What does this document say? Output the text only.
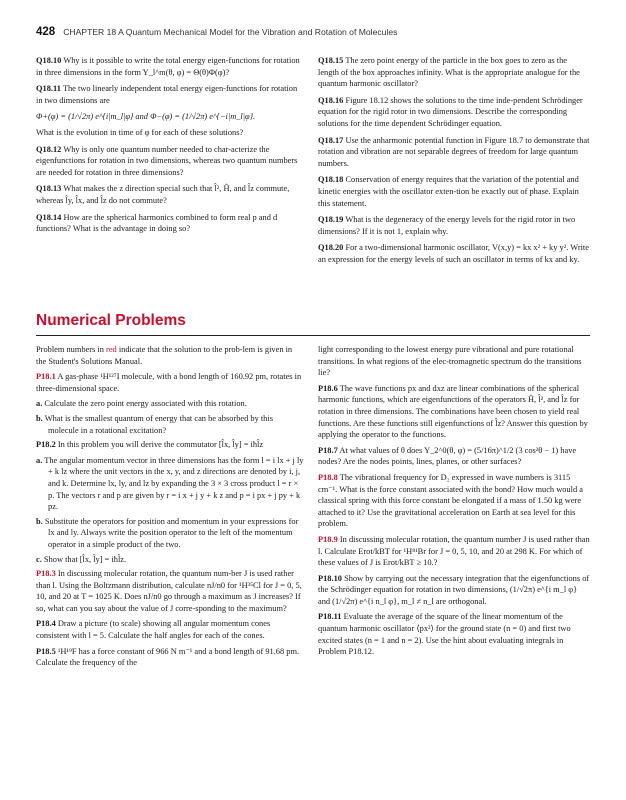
428 CHAPTER 18 A Quantum Mechanical Model for the Vibration and Rotation of Molecules

Q18.10 Why is it possible to write the total energy eigen-functions for rotation in three dimensions in the form Y_l^m(θ, φ) = Θ(θ)Φ(φ)?

Q18.11 The two linearly independent total energy eigen-functions for rotation in two dimensions are

Φ+(φ) = (1/√2π) e^{i|m_l|φ} and Φ−(φ) = (1/√2π) e^{−i|m_l|φ}.

What is the evolution in time of φ for each of these solutions?

Q18.12 Why is only one quantum number needed to char-acterize the eigenfunctions for rotation in two dimensions, whereas two quantum numbers are needed for rotation in three dimensions?

Q18.13 What makes the z direction special such that l̂², Ĥ, and l̂z commute, whereas l̂y, l̂x, and l̂z do not commute?

Q18.14 How are the spherical harmonics combined to form real p and d functions? What is the advantage in doing so?

Q18.15 The zero point energy of the particle in the box goes to zero as the length of the box approaches infinity. What is the appropriate analogue for the quantum harmonic oscillator?

Q18.16 Figure 18.12 shows the solutions to the time inde-pendent Schrödinger equation for the rigid rotor in two dimensions. Describe the corresponding solutions for the time dependent Schrödinger equation.

Q18.17 Use the anharmonic potential function in Figure 18.7 to demonstrate that rotation and vibration are not separable degrees of freedom for large quantum numbers.

Q18.18 Conservation of energy requires that the variation of the potential and kinetic energies with the oscillator exten-tion be exactly out of phase. Explain this statement.

Q18.19 What is the degeneracy of the energy levels for the rigid rotor in two dimensions? If it is not 1, explain why.

Q18.20 For a two-dimensional harmonic oscillator, V(x,y) = kx x² + ky y². Write an expression for the energy levels of such an oscillator in terms of kx and ky.

Numerical Problems

Problem numbers in red indicate that the solution to the prob-lem is given in the Student's Solutions Manual.

P18.1 A gas-phase ¹H¹²⁷I molecule, with a bond length of 160.92 pm, rotates in three-dimensional space.

a. Calculate the zero point energy associated with this rotation.

b. What is the smallest quantum of energy that can be absorbed by this molecule in a rotational excitation?

P18.2 In this problem you will derive the commutator [l̂x, l̂y] = iħl̂z

a. The angular momentum vector in three dimensions has the form l = i lx + j ly + k lz where the unit vectors in the x, y, and z directions are denoted by i, j, and k. Determine lx, ly, and lz by expanding the 3 × 3 cross product l = r × p. The vectors r and p are given by r = i x + j y + k z and p = i px + j py + k pz.

b. Substitute the operators for position and momentum in your expressions for lx and ly. Always write the position operator to the left of the momentum operator in a simple product of the two.

c. Show that [l̂x, l̂y] = iħl̂z.

P18.3 In discussing molecular rotation, the quantum num-ber J is used rather than l. Using the Boltzmann distribution, calculate nJ/n0 for ¹H³⁵Cl for J = 0, 5, 10, and 20 at T = 1025 K. Does nJ/n0 go through a maximum as J increases? If so, what can you say about the value of J corre-sponding to the maximum?

P18.4 Draw a picture (to scale) showing all angular momentum cones consistent with l = 5. Calculate the half angles for each of the cones.

P18.5 ¹H¹⁹F has a force constant of 966 N m⁻¹ and a bond length of 91.68 pm. Calculate the frequency of the

light corresponding to the lowest energy pure vibrational and pure rotational transitions. In what regions of the elec-tromagnetic spectrum do the transitions lie?

P18.6 The wave functions px and dxz are linear combinations of the spherical harmonic functions, which are eigenfunctions of the operators Ĥ, l̂², and l̂z for rotation in three dimensions. The combinations have been chosen to yield real functions. Are these functions still eigenfunctions of l̂z? Answer this question by applying the operator to the functions.

P18.7 At what values of θ does Y_2^0(θ, φ) = (5/16π)^1/2 (3 cos²θ − 1) have nodes? Are the nodes points, lines, planes, or other surfaces?

P18.8 The vibrational frequency for D₂ expressed in wave numbers is 3115 cm⁻¹. What is the force constant associated with the bond? How much would a classical spring with this force constant be elongated if a mass of 1.50 kg were attached to it? Use the gravitational acceleration on Earth at sea level for this problem.

P18.9 In discussing molecular rotation, the quantum number J is used rather than l. Calculate Erot/kBT for ¹H⁸¹Br for J = 0, 5, 10, and 20 at 298 K. For which of these values of J is Erot/kBT ≥ 10.?

P18.10 Show by carrying out the necessary integration that the eigenfunctions of the Schrödinger equation for rotation in two dimensions, (1/√2π) e^{i m_l φ} and (1/√2π) e^{i n_l φ}, m_l ≠ n_l are orthogonal.

P18.11 Evaluate the average of the square of the linear momentum of the quantum harmonic oscillator ⟨px²⟩ for the ground state (n = 0) and first two excited states (n = 1 and n = 2). Use the hint about evaluating integrals in Problem P18.12.
